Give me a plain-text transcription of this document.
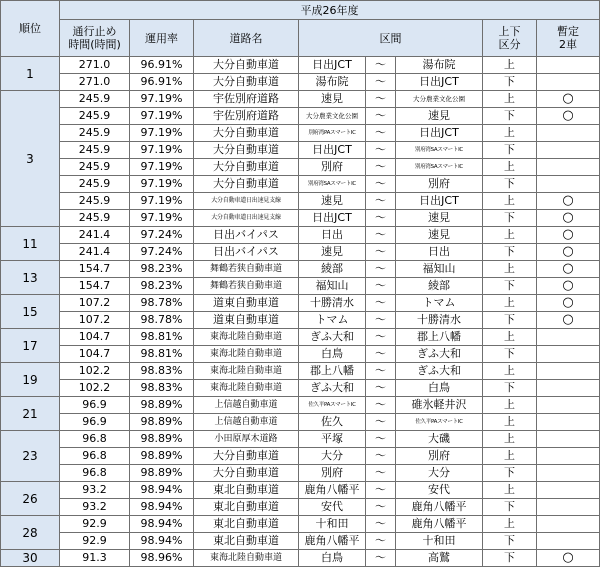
順位	平成26年度							
	通行止め
時間(時間)	運用率	道路名	区間			上下
区分	暫定
2車
1	271.0	96.91%	大分自動車道	日出JCT	～	湯布院	上	
	271.0	96.91%	大分自動車道	湯布院	～	日出JCT	下	
3	245.9	97.19%	宇佐別府道路	速見	～	大分農業文化公園	上	○
	245.9	97.19%	宇佐別府道路	大分農業文化公園	～	速見	下	○
	245.9	97.19%	大分自動車道	別府湾PAスマートIC	～	日出JCT	上	
	245.9	97.19%	大分自動車道	日出JCT	～	別府湾SAスマートIC	下	
	245.9	97.19%	大分自動車道	別府	～	別府湾SAスマートIC	上	
	245.9	97.19%	大分自動車道	別府湾SAスマートIC	～	別府	下	
	245.9	97.19%	大分自動車道日出速見支線	速見	～	日出JCT	上	○
	245.9	97.19%	大分自動車道日出速見支線	日出JCT	～	速見	下	○
11	241.4	97.24%	日出バイパス	日出	～	速見	上	○
	241.4	97.24%	日出バイパス	速見	～	日出	下	○
13	154.7	98.23%	舞鶴若狭自動車道	綾部	～	福知山	上	○
	154.7	98.23%	舞鶴若狭自動車道	福知山	～	綾部	下	○
15	107.2	98.78%	道東自動車道	十勝清水	～	トマム	上	○
	107.2	98.78%	道東自動車道	トマム	～	十勝清水	下	○
17	104.7	98.81%	東海北陸自動車道	ぎふ大和	～	郡上八幡	上	
	104.7	98.81%	東海北陸自動車道	白鳥	～	ぎふ大和	下	
19	102.2	98.83%	東海北陸自動車道	郡上八幡	～	ぎふ大和	上	
	102.2	98.83%	東海北陸自動車道	ぎふ大和	～	白鳥	下	
21	96.9	98.89%	上信越自動車道	佐久平PAスマートIC	～	碓氷軽井沢	上	
	96.9	98.89%	上信越自動車道	佐久	～	佐久平PAスマートIC	上	
23	96.8	98.89%	小田原厚木道路	平塚	～	大磯	上	
	96.8	98.89%	大分自動車道	大分	～	別府	上	
	96.8	98.89%	大分自動車道	別府	～	大分	下	
26	93.2	98.94%	東北自動車道	鹿角八幡平	～	安代	上	
	93.2	98.94%	東北自動車道	安代	～	鹿角八幡平	下	
28	92.9	98.94%	東北自動車道	十和田	～	鹿角八幡平	上	
	92.9	98.94%	東北自動車道	鹿角八幡平	～	十和田	下	
30	91.3	98.96%	東海北陸自動車道	白鳥	～	高鷲	下	○
